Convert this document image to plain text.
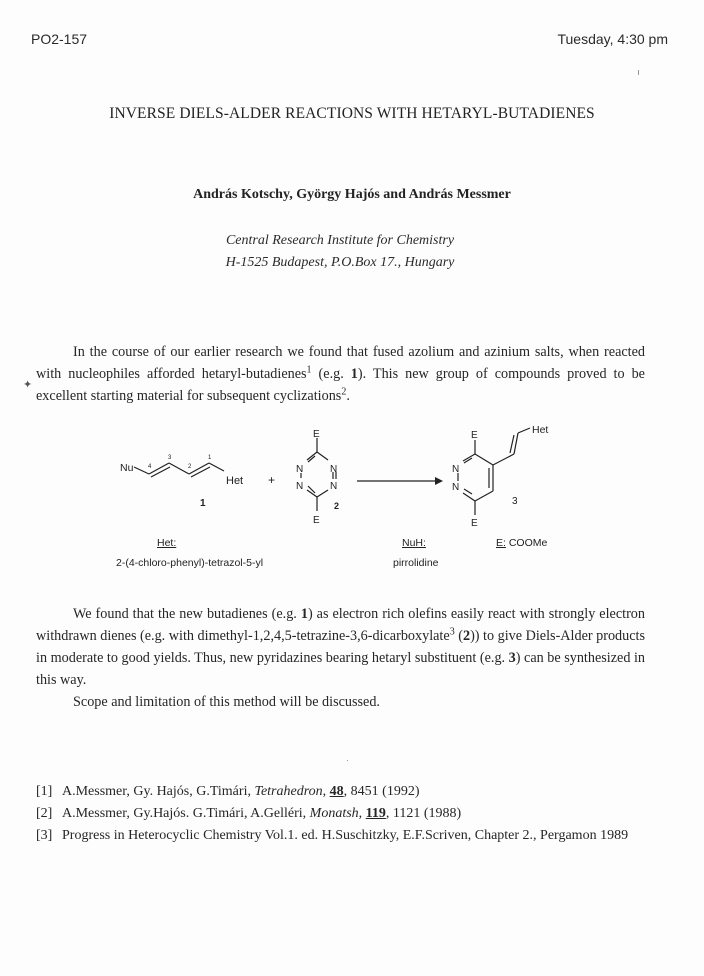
PO2-157	Tuesday, 4:30 pm
INVERSE DIELS-ALDER REACTIONS WITH HETARYL-BUTADIENES
András Kotschy, György Hajós and András Messmer
Central Research Institute for Chemistry
H-1525 Budapest, P.O.Box 17., Hungary
✦

In the course of our earlier research we found that fused azolium and azinium salts, when reacted with nucleophiles afforded hetaryl-butadienes$^1$ (e.g. 1). This new group of compounds proved to be excellent starting material for subsequent cyclizations$^2$.

Nu
Het
4
3
2
1
1
+
E
N
N
N
N
2
E
E
N
N
E
Het
3
Het:
2-(4-chloro-phenyl)-tetrazol-5-yl
NuH:
pirrolidine
E: COOMe

We found that the new butadienes (e.g. 1) as electron rich olefins easily react with strongly electron withdrawn dienes (e.g. with dimethyl-1,2,4,5-tetrazine-3,6-dicarboxylate$^3$ (2)) to give Diels-Alder products in moderate to good yields. Thus, new pyridazines bearing hetaryl substituent (e.g. 3) can be synthesized in this way.

Scope and limitation of this method will be discussed.

[1] A.Messmer, Gy. Hajós, G.Timári, Tetrahedron, 48, 8451 (1992)
[2] A.Messmer, Gy.Hajós. G.Timári, A.Gelléri, Monatsh, 119, 1121 (1988)
[3] Progress in Heterocyclic Chemistry Vol.1. ed. H.Suschitzky, E.F.Scriven, Chapter 2., Pergamon 1989
